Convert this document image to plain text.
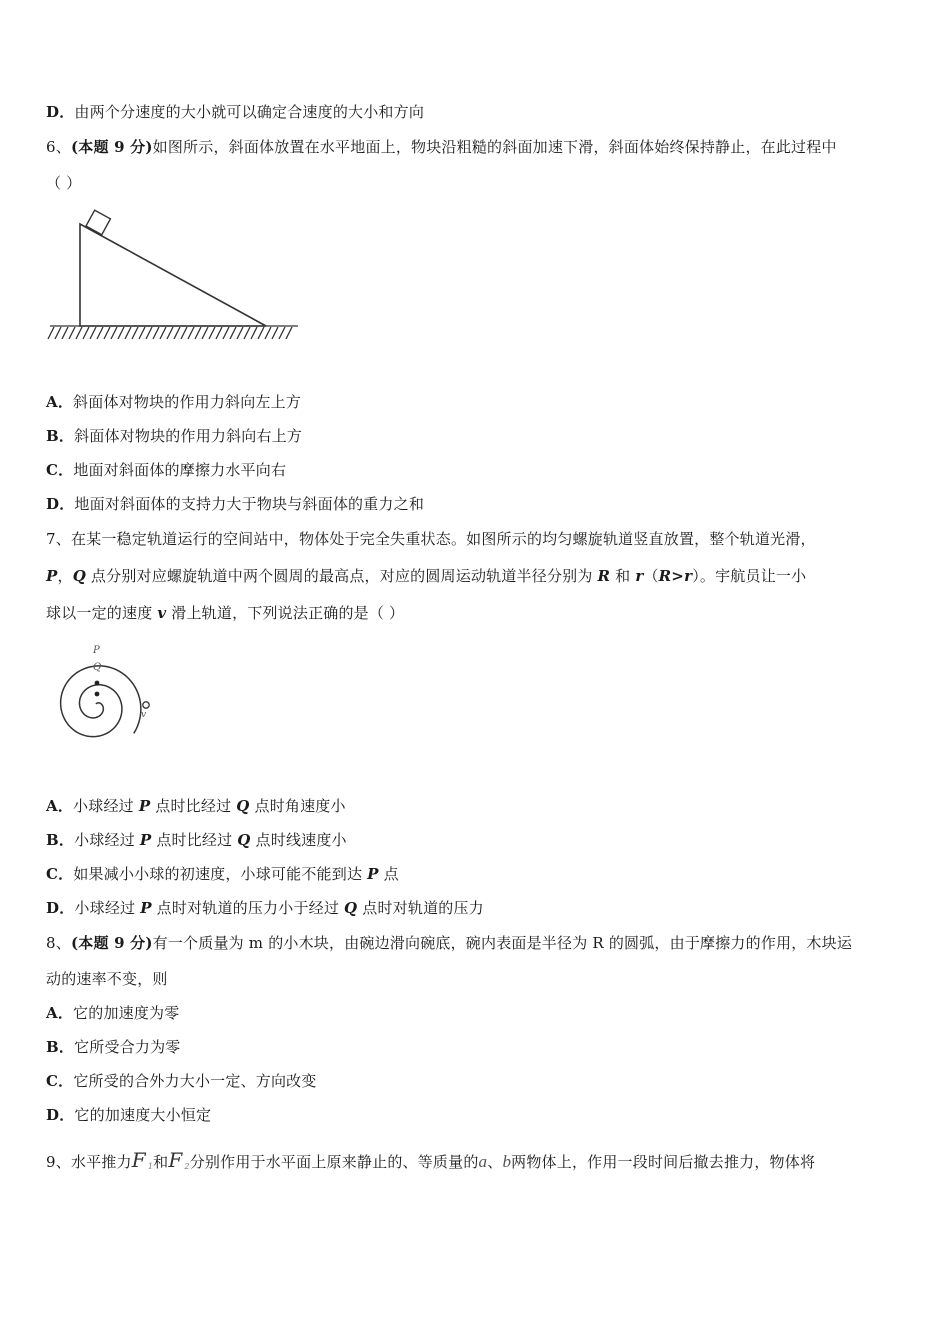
D．由两个分速度的大小就可以确定合速度的大小和方向
6、(本题 9 分)如图所示，斜面体放置在水平地面上，物块沿粗糙的斜面加速下滑，斜面体始终保持静止，在此过程中
（ ）
A．斜面体对物块的作用力斜向左上方
B．斜面体对物块的作用力斜向右上方
C．地面对斜面体的摩擦力水平向右
D．地面对斜面体的支持力大于物块与斜面体的重力之和
7、在某一稳定轨道运行的空间站中，物体处于完全失重状态。如图所示的均匀螺旋轨道竖直放置，整个轨道光滑，
P，Q 点分别对应螺旋轨道中两个圆周的最高点，对应的圆周运动轨道半径分别为 R 和 r（R>r）。宇航员让一小
球以一定的速度 v 滑上轨道，下列说法正确的是（ ）
P
Q
v
A．小球经过 P 点时比经过 Q 点时角速度小
B．小球经过 P 点时比经过 Q 点时线速度小
C．如果减小小球的初速度，小球可能不能到达 P 点
D．小球经过 P 点时对轨道的压力小于经过 Q 点时对轨道的压力
8、(本题 9 分)有一个质量为 m 的小木块，由碗边滑向碗底，碗内表面是半径为 R 的圆弧，由于摩擦力的作用，木块运
动的速率不变，则
A．它的加速度为零
B．它所受合力为零
C．它所受的合外力大小一定、方向改变
D．它的加速度大小恒定
9、水平推力F $_1$和F $_2$分别作用于水平面上原来静止的、等质量的a、b两物体上，作用一段时间后撤去推力，物体将
